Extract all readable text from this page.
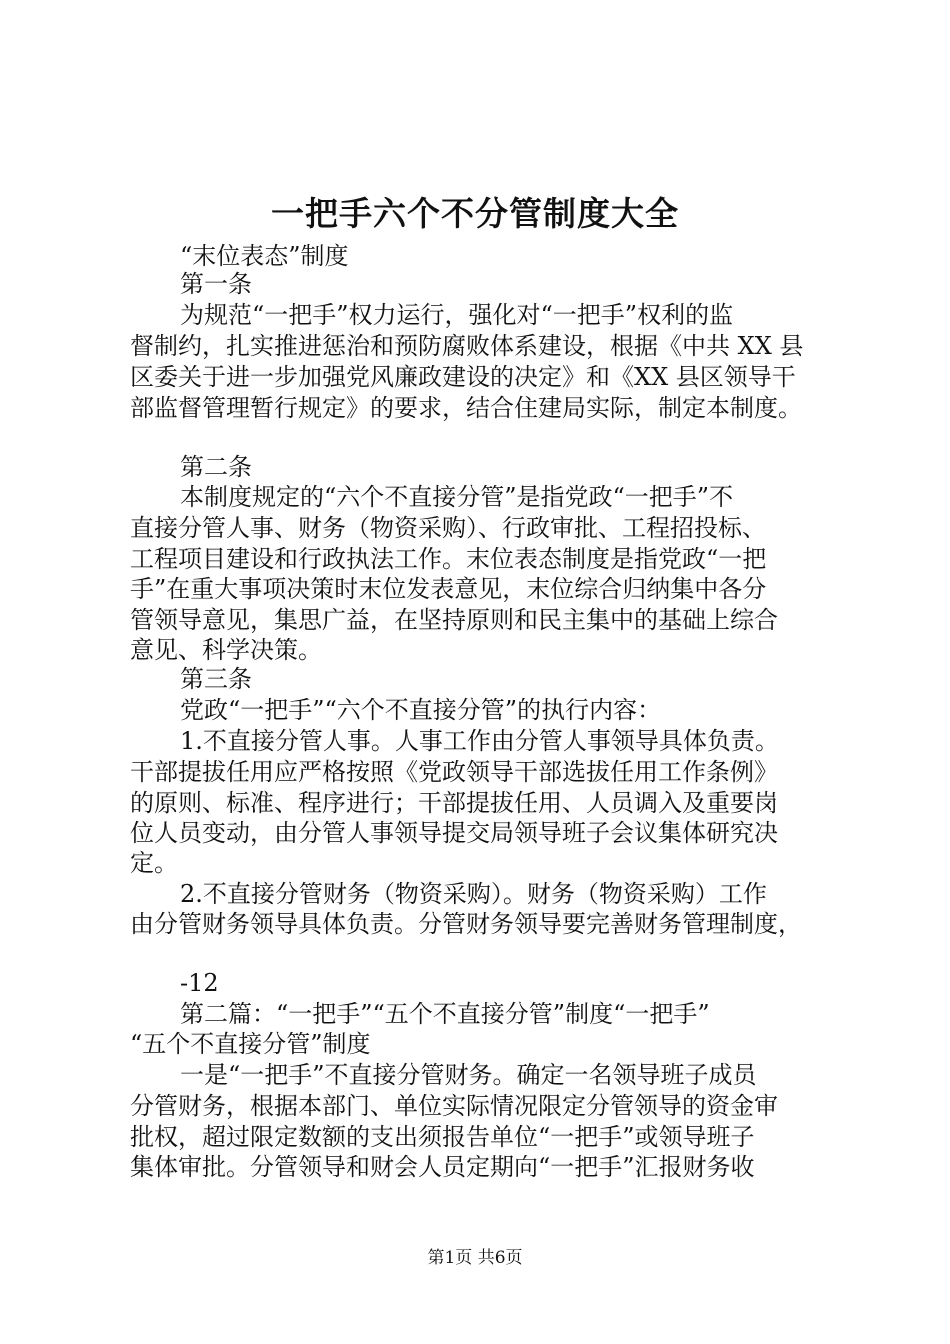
一把手六个不分管制度大全
“末位表态”制度
第一条
为规范“一把手”权力运行，强化对“一把手”权利的监
督制约，扎实推进惩治和预防腐败体系建设，根据《中共 XX 县
区委关于进一步加强党风廉政建设的决定》和《XX 县区领导干
部监督管理暂行规定》的要求，结合住建局实际，制定本制度。
第二条
本制度规定的“六个不直接分管”是指党政“一把手”不
直接分管人事、财务（物资采购）、行政审批、工程招投标、
工程项目建设和行政执法工作。末位表态制度是指党政“一把
手”在重大事项决策时末位发表意见，末位综合归纳集中各分
管领导意见，集思广益，在坚持原则和民主集中的基础上综合
意见、科学决策。
第三条
党政“一把手”“六个不直接分管”的执行内容：
1.不直接分管人事。人事工作由分管人事领导具体负责。
干部提拔任用应严格按照《党政领导干部选拔任用工作条例》
的原则、标准、程序进行；干部提拔任用、人员调入及重要岗
位人员变动，由分管人事领导提交局领导班子会议集体研究决
定。
2.不直接分管财务（物资采购）。财务（物资采购）工作
由分管财务领导具体负责。分管财务领导要完善财务管理制度，
-12
第二篇：“一把手”“五个不直接分管”制度“一把手”
“五个不直接分管”制度
一是“一把手”不直接分管财务。确定一名领导班子成员
分管财务，根据本部门、单位实际情况限定分管领导的资金审
批权，超过限定数额的支出须报告单位“一把手”或领导班子
集体审批。分管领导和财会人员定期向“一把手”汇报财务收
第1页 共6页
